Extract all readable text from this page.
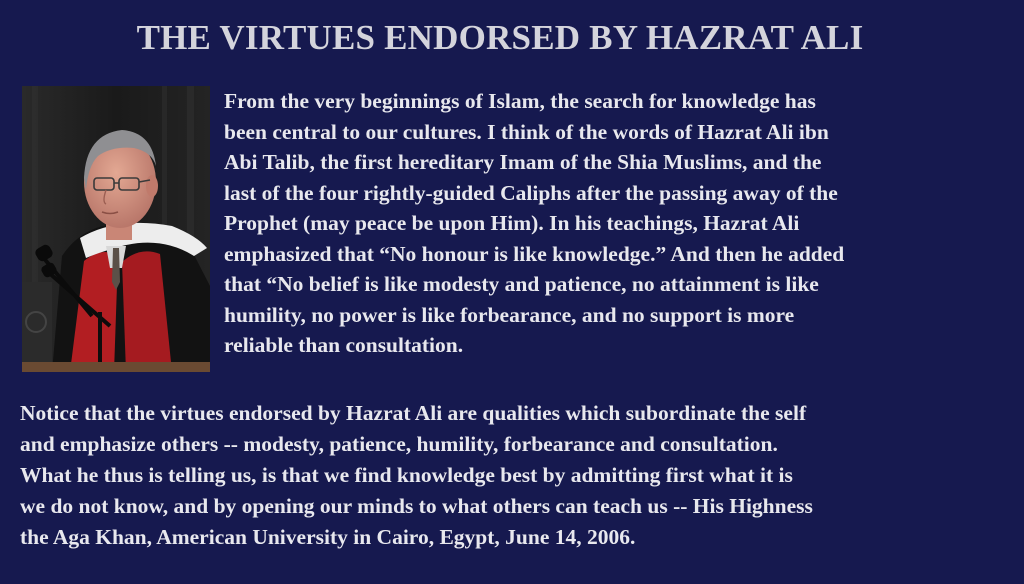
THE VIRTUES ENDORSED BY HAZRAT ALI
From the very beginnings of Islam, the search for knowledge has
been central to our cultures. I think of the words of Hazrat Ali ibn
Abi Talib, the first hereditary Imam of the Shia Muslims, and the
last of the four rightly-guided Caliphs after the passing away of the
Prophet (may peace be upon Him). In his teachings, Hazrat Ali
emphasized that “No honour is like knowledge.” And then he added
that “No belief is like modesty and patience, no attainment is like
humility, no power is like forbearance, and no support is more
reliable than consultation.
Notice that the virtues endorsed by Hazrat Ali are qualities which subordinate the self
and emphasize others -- modesty, patience, humility, forbearance and consultation.
What he thus is telling us, is that we find knowledge best by admitting first what it is
we do not know, and by opening our minds to what others can teach us -- His Highness
the Aga Khan, American University in Cairo, Egypt, June 14, 2006.
